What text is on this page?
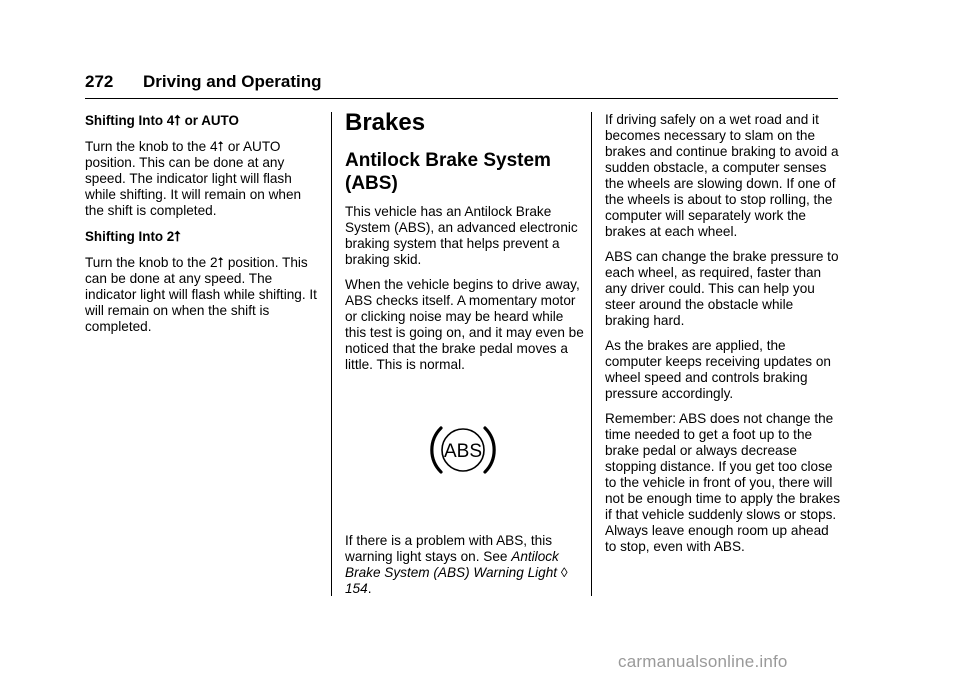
272 Driving and Operating
Shifting Into 4⭡ or AUTO

Turn the knob to the 4⭡ or AUTO position. This can be done at any speed. The indicator light will flash while shifting. It will remain on when the shift is completed.

Shifting Into 2⭡

Turn the knob to the 2⭡ position. This can be done at any speed. The indicator light will flash while shifting. It will remain on when the shift is completed.

Brakes
Antilock Brake System (ABS)

This vehicle has an Antilock Brake System (ABS), an advanced electronic braking system that helps prevent a braking skid.

When the vehicle begins to drive away, ABS checks itself. A momentary motor or clicking noise may be heard while this test is going on, and it may even be noticed that the brake pedal moves a little. This is normal.

ABS

If there is a problem with ABS, this warning light stays on. See Antilock Brake System (ABS) Warning Light ◊ 154.

If driving safely on a wet road and it becomes necessary to slam on the brakes and continue braking to avoid a sudden obstacle, a computer senses the wheels are slowing down. If one of the wheels is about to stop rolling, the computer will separately work the brakes at each wheel.

ABS can change the brake pressure to each wheel, as required, faster than any driver could. This can help you steer around the obstacle while braking hard.

As the brakes are applied, the computer keeps receiving updates on wheel speed and controls braking pressure accordingly.

Remember: ABS does not change the time needed to get a foot up to the brake pedal or always decrease stopping distance. If you get too close to the vehicle in front of you, there will not be enough time to apply the brakes if that vehicle suddenly slows or stops. Always leave enough room up ahead to stop, even with ABS.

carmanualsonline.info
